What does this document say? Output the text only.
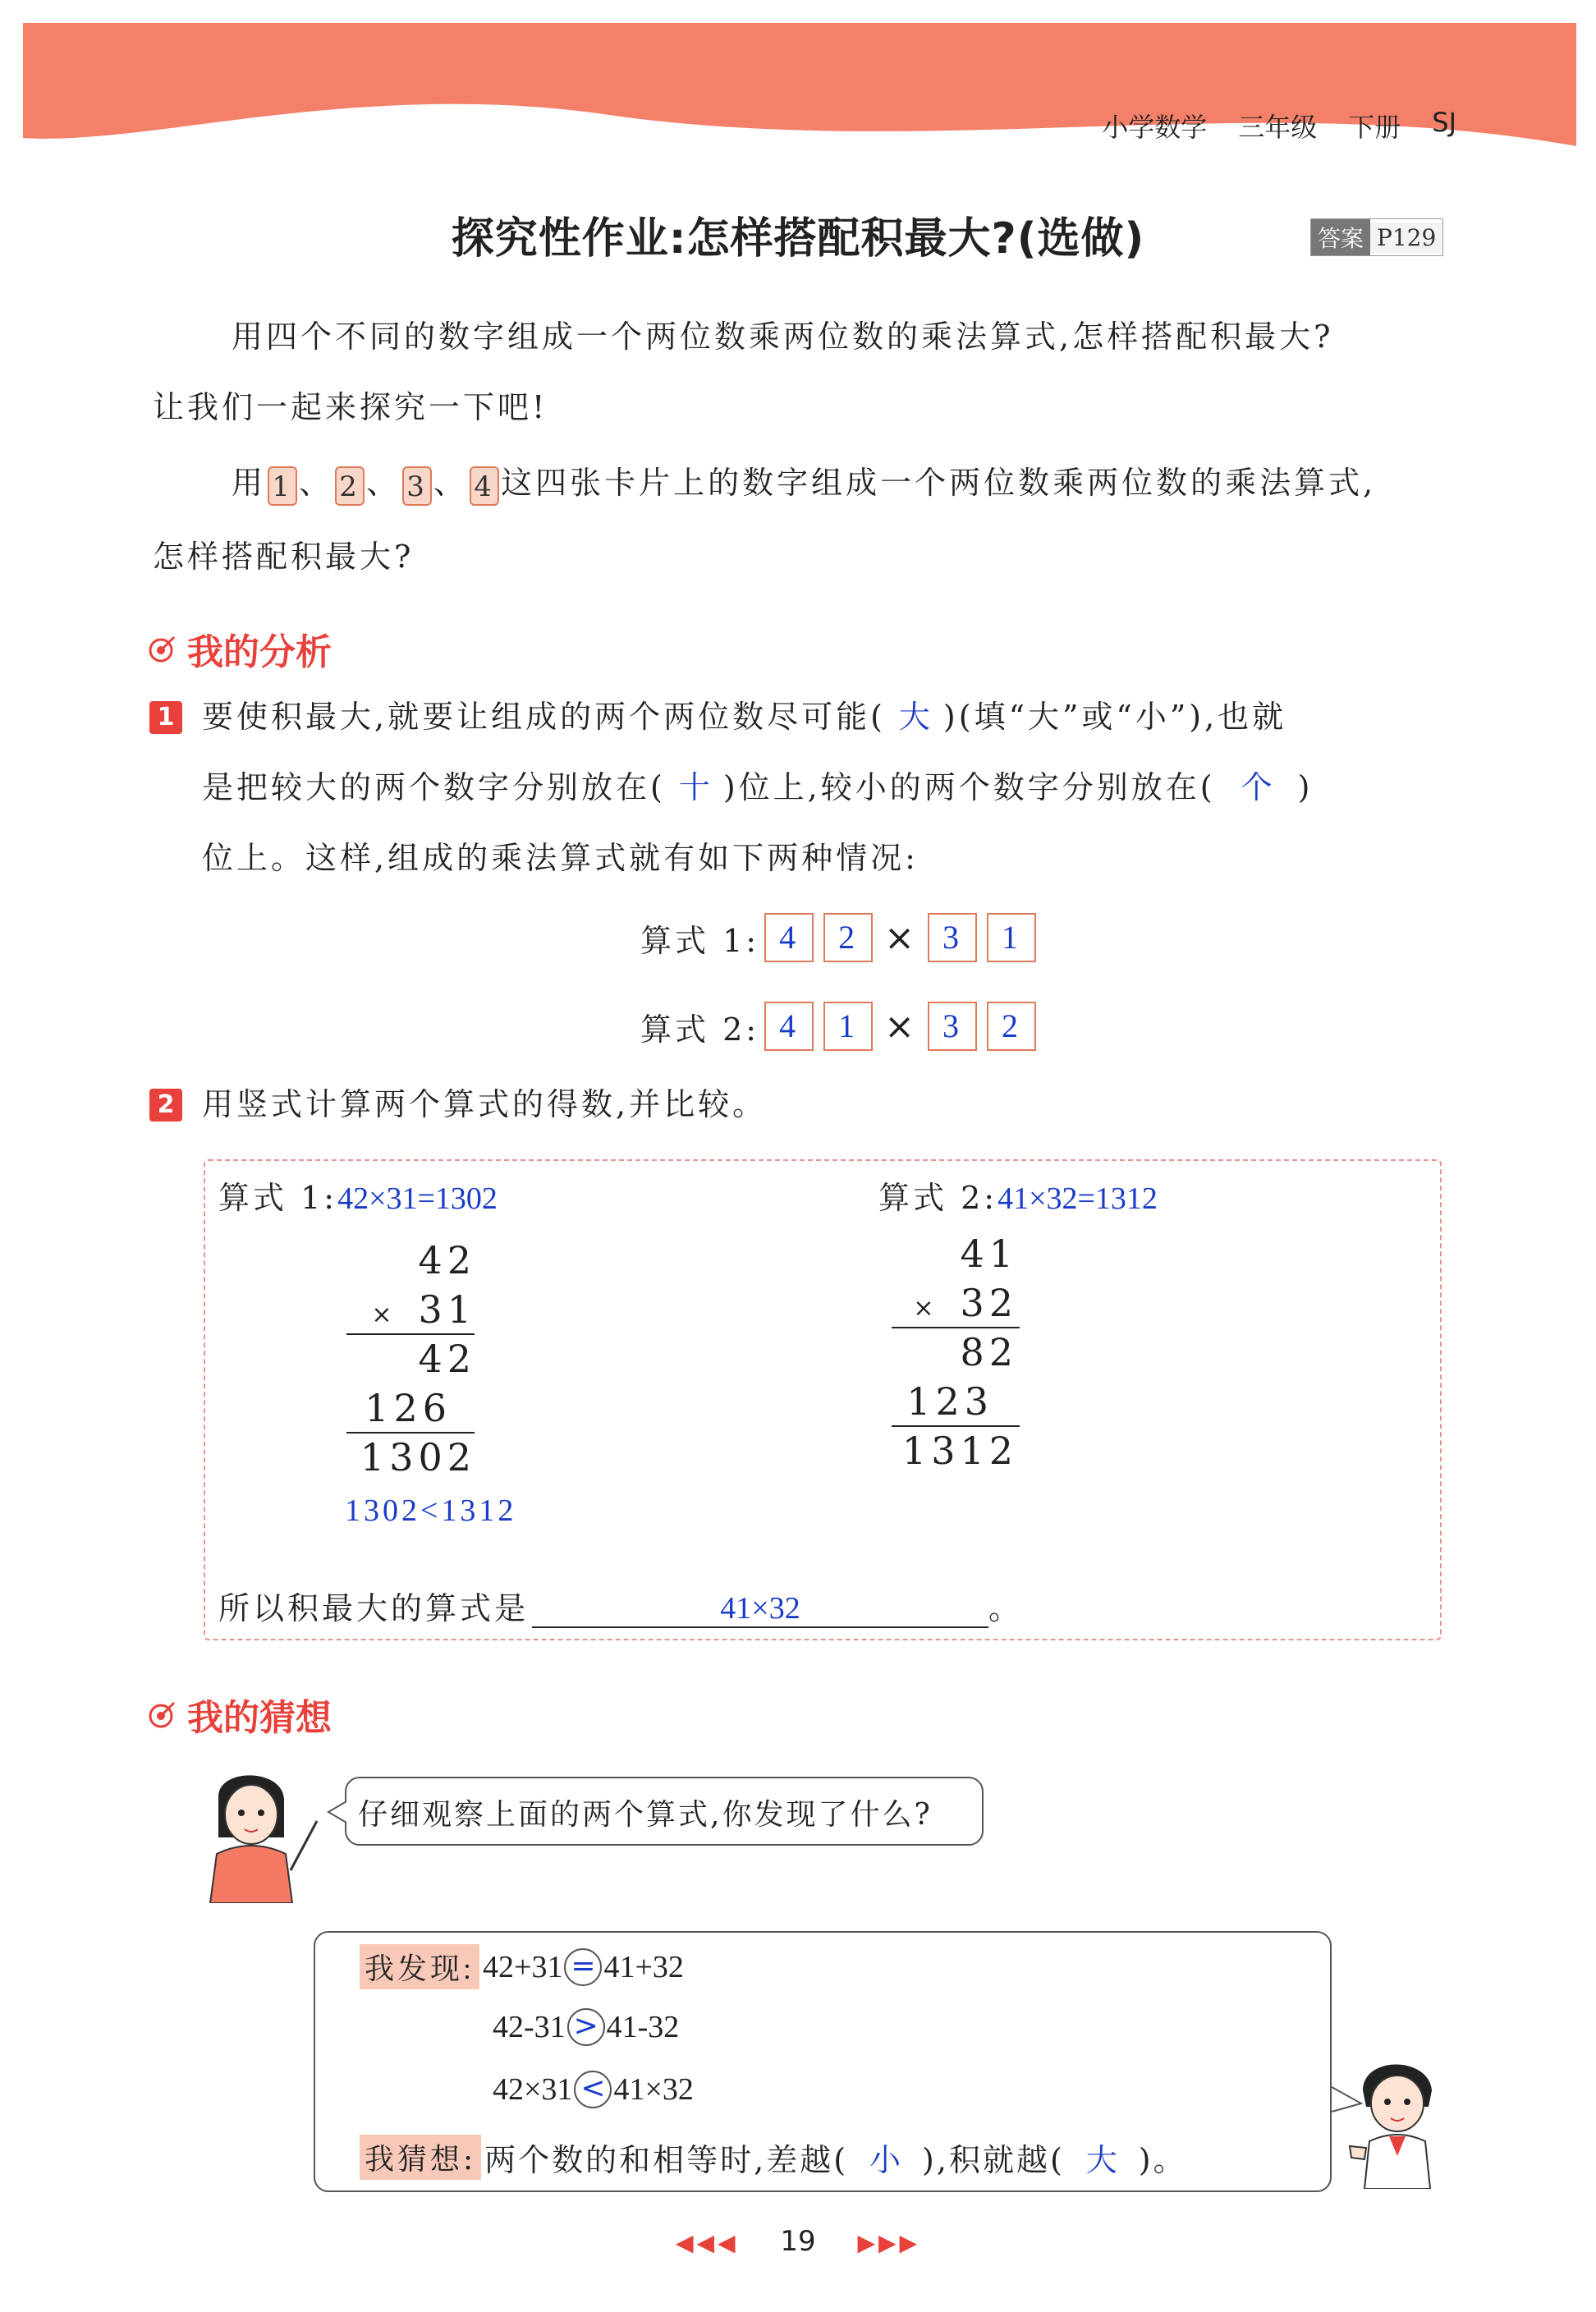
小学数学 三年级 下册 SJ
探究性作业:怎样搭配积最大?(选做)	答案 P129
用四个不同的数字组成一个两位数乘两位数的乘法算式,怎样搭配积最大?
让我们一起来探究一下吧!
用 1 、 2 、 3 、 4 这四张卡片上的数字组成一个两位数乘两位数的乘法算式,
怎样搭配积最大?
我的分析
1 要使积最大,就要让组成的两个两位数尽可能( 大 )(填“大”或“小”),也就
是把较大的两个数字分别放在( 十 )位上,较小的两个数字分别放在( 个 )
位上。这样,组成的乘法算式就有如下两种情况:
算式 1: 4	2 × 3	1
算式 2: 4	1 × 3	2
2 用竖式计算两个算式的得数,并比较。
算式 1:42×31=1302
42
× 31
42
126
1302
1302<1312
算式 2:41×32=1312
41
× 32
82
123
1312
所以积最大的算式是	41×32	。
我的猜想
仔细观察上面的两个算式,你发现了什么?
我发现: 42+31 = 41+32
42-31 > 41-32
42×31 < 41×32
我猜想: 两个数的和相等时,差越( 小 ),积就越( 大 )。
◀◀◀ 19 ▶▶▶
